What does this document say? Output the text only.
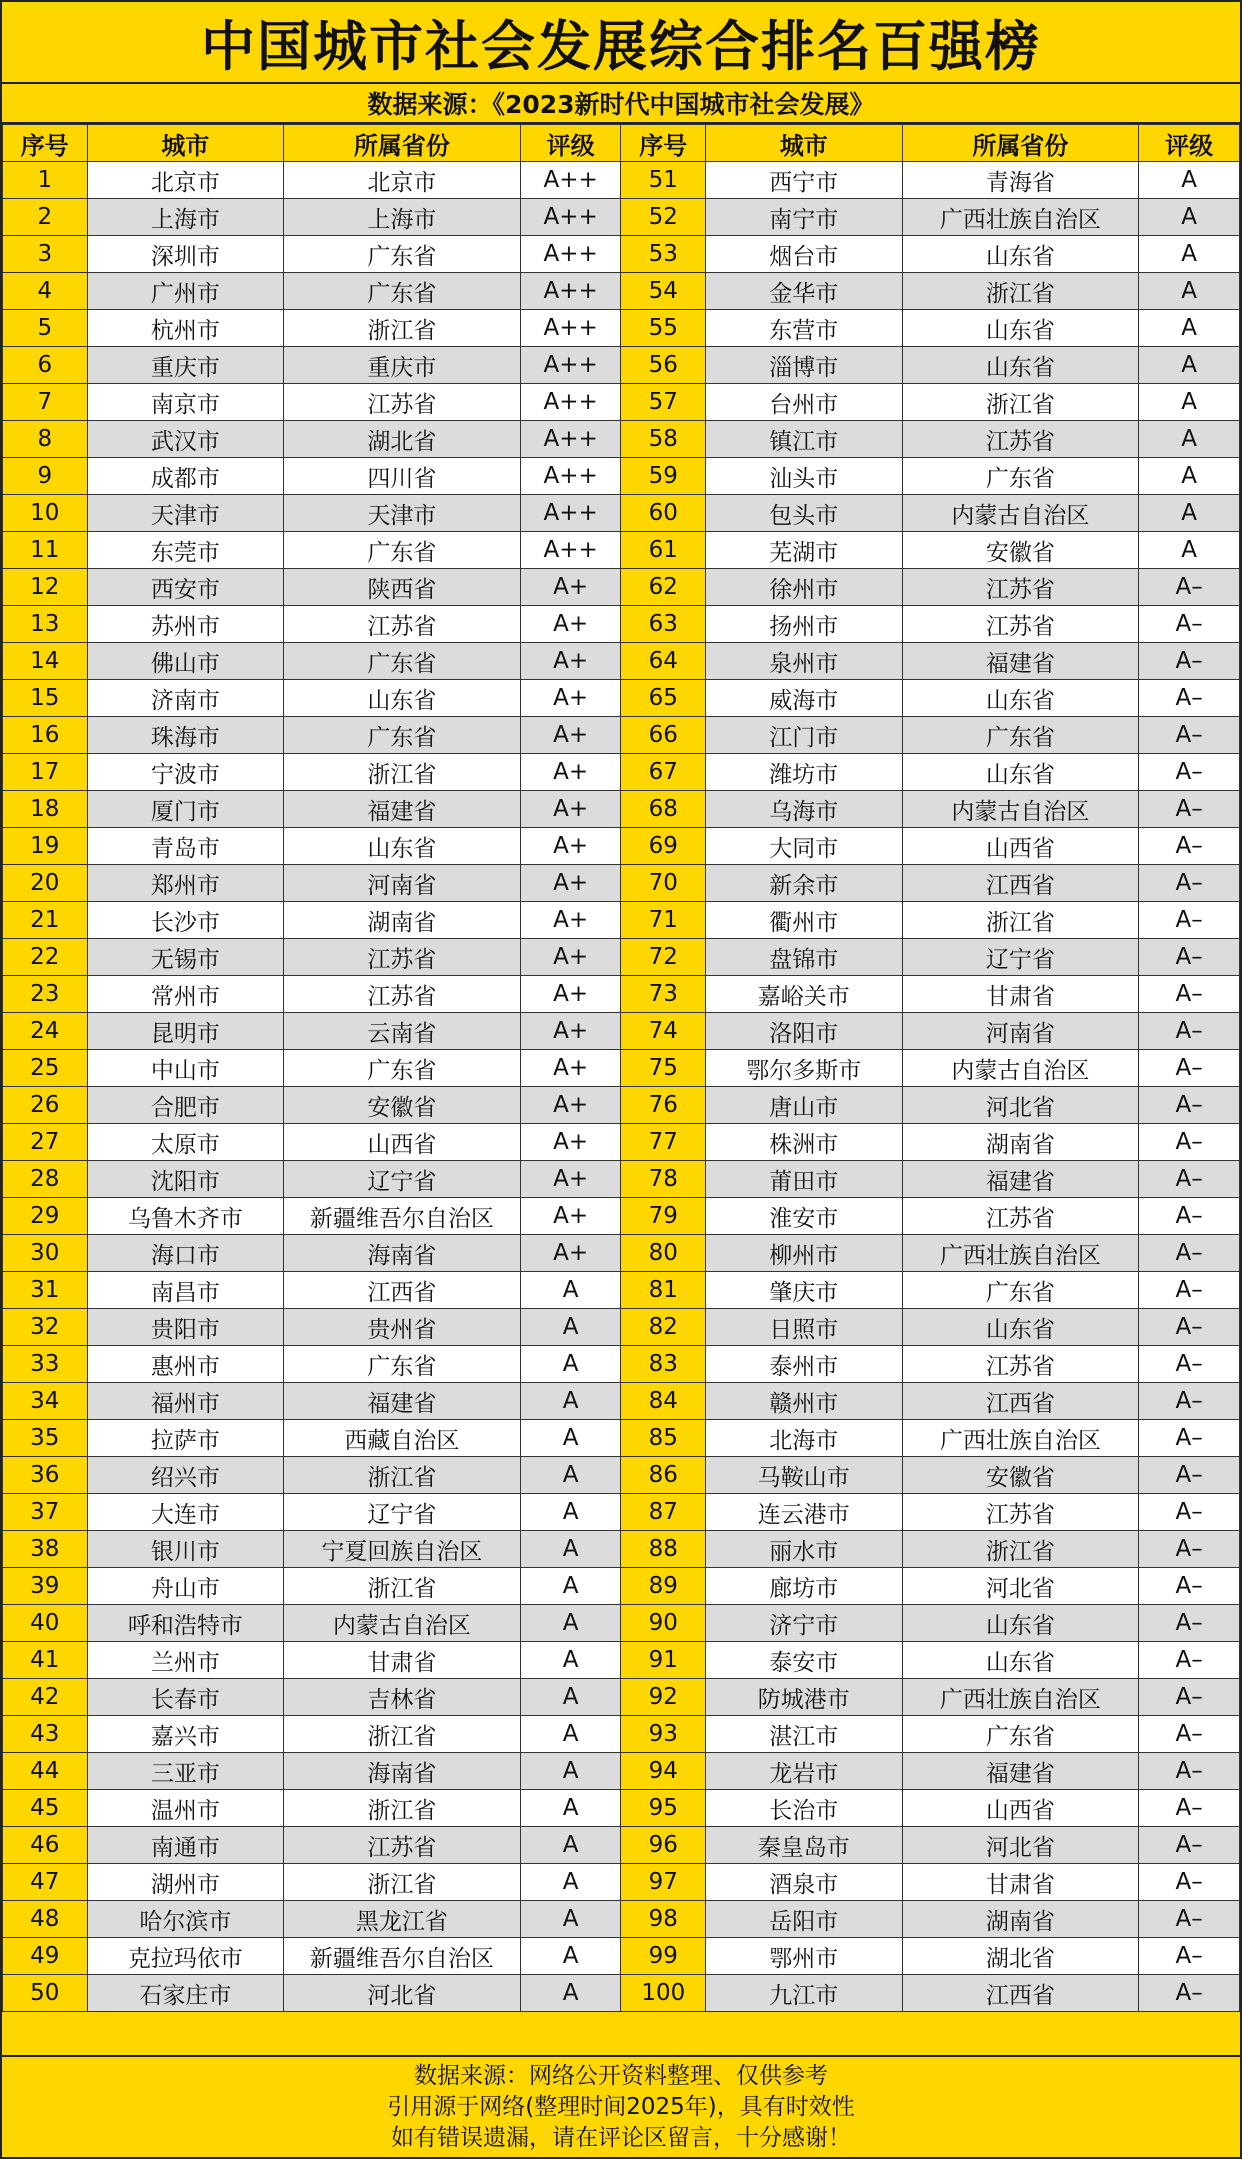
中国城市社会发展综合排名百强榜
数据来源：《2023新时代中国城市社会发展》
序号	城市	所属省份	评级	序号	城市	所属省份	评级
1	北京市	北京市	A++	51	西宁市	青海省	A
2	上海市	上海市	A++	52	南宁市	广西壮族自治区	A
3	深圳市	广东省	A++	53	烟台市	山东省	A
4	广州市	广东省	A++	54	金华市	浙江省	A
5	杭州市	浙江省	A++	55	东营市	山东省	A
6	重庆市	重庆市	A++	56	淄博市	山东省	A
7	南京市	江苏省	A++	57	台州市	浙江省	A
8	武汉市	湖北省	A++	58	镇江市	江苏省	A
9	成都市	四川省	A++	59	汕头市	广东省	A
10	天津市	天津市	A++	60	包头市	内蒙古自治区	A
11	东莞市	广东省	A++	61	芜湖市	安徽省	A
12	西安市	陕西省	A+	62	徐州市	江苏省	A–
13	苏州市	江苏省	A+	63	扬州市	江苏省	A–
14	佛山市	广东省	A+	64	泉州市	福建省	A–
15	济南市	山东省	A+	65	威海市	山东省	A–
16	珠海市	广东省	A+	66	江门市	广东省	A–
17	宁波市	浙江省	A+	67	潍坊市	山东省	A–
18	厦门市	福建省	A+	68	乌海市	内蒙古自治区	A–
19	青岛市	山东省	A+	69	大同市	山西省	A–
20	郑州市	河南省	A+	70	新余市	江西省	A–
21	长沙市	湖南省	A+	71	衢州市	浙江省	A–
22	无锡市	江苏省	A+	72	盘锦市	辽宁省	A–
23	常州市	江苏省	A+	73	嘉峪关市	甘肃省	A–
24	昆明市	云南省	A+	74	洛阳市	河南省	A–
25	中山市	广东省	A+	75	鄂尔多斯市	内蒙古自治区	A–
26	合肥市	安徽省	A+	76	唐山市	河北省	A–
27	太原市	山西省	A+	77	株洲市	湖南省	A–
28	沈阳市	辽宁省	A+	78	莆田市	福建省	A–
29	乌鲁木齐市	新疆维吾尔自治区	A+	79	淮安市	江苏省	A–
30	海口市	海南省	A+	80	柳州市	广西壮族自治区	A–
31	南昌市	江西省	A	81	肇庆市	广东省	A–
32	贵阳市	贵州省	A	82	日照市	山东省	A–
33	惠州市	广东省	A	83	泰州市	江苏省	A–
34	福州市	福建省	A	84	赣州市	江西省	A–
35	拉萨市	西藏自治区	A	85	北海市	广西壮族自治区	A–
36	绍兴市	浙江省	A	86	马鞍山市	安徽省	A–
37	大连市	辽宁省	A	87	连云港市	江苏省	A–
38	银川市	宁夏回族自治区	A	88	丽水市	浙江省	A–
39	舟山市	浙江省	A	89	廊坊市	河北省	A–
40	呼和浩特市	内蒙古自治区	A	90	济宁市	山东省	A–
41	兰州市	甘肃省	A	91	泰安市	山东省	A–
42	长春市	吉林省	A	92	防城港市	广西壮族自治区	A–
43	嘉兴市	浙江省	A	93	湛江市	广东省	A–
44	三亚市	海南省	A	94	龙岩市	福建省	A–
45	温州市	浙江省	A	95	长治市	山西省	A–
46	南通市	江苏省	A	96	秦皇岛市	河北省	A–
47	湖州市	浙江省	A	97	酒泉市	甘肃省	A–
48	哈尔滨市	黑龙江省	A	98	岳阳市	湖南省	A–
49	克拉玛依市	新疆维吾尔自治区	A	99	鄂州市	湖北省	A–
50	石家庄市	河北省	A	100	九江市	江西省	A–
数据来源：网络公开资料整理、仅供参考
引用源于网络(整理时间2025年)，具有时效性
如有错误遗漏，请在评论区留言，十分感谢！
